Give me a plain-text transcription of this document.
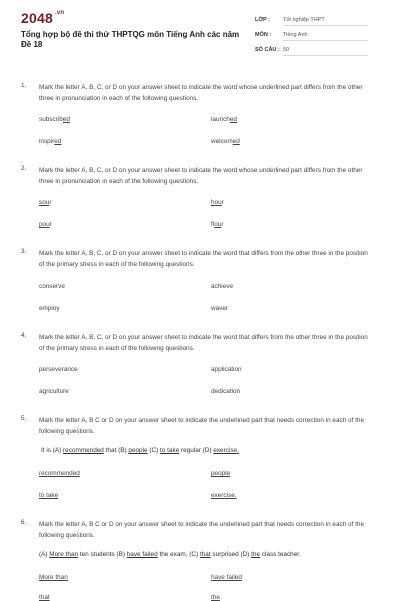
2048 $^{.vn}$
Tổng hợp bộ đề thi thử THPTQG môn Tiếng Anh các năm
Đề 18
LỚP : Tốt nghiệp THPT
MÔN : Tiếng Anh
SỐ CÂU : 50
1.	Mark the letter A, B, C, or D on your answer sheet to indicate the word whose underlined part differs from the other three in pronunciation in each of the following questions.
subscribed	launched
inspired	welcomed
2.	Mark the letter A, B, C, or D on your answer sheet to indicate the word whose underlined part differs from the other three in pronunciation in each of the following questions.
sour	hour
pour	flour
3.	Mark the letter A, B, C, or D on your answer sheet to indicate the word that differs from the other three in the position of the primary stress in each of the following questions.
conserve	achieve
employ	waver
4.	Mark the letter A, B, C, or D on your answer sheet to indicate the word that differs from the other three in the position of the primary stress in each of the following questions.
perseverance	application
agriculture	dedication
5.	Mark the letter A, B C or D on your answer sheet to indicate the underlined part that needs correction in each of the following questions.
It is (A) recommended that (B) people (C) to take regular (D) exercise.
recommended	people
to take	exercise.
6.	Mark the letter A, B C or D on your answer sheet to indicate the underlined part that needs correction in each of the following questions.
(A) More than ten students (B) have failed the exam, (C) that surprised (D) the class teacher.
More than	have failed
that	the
